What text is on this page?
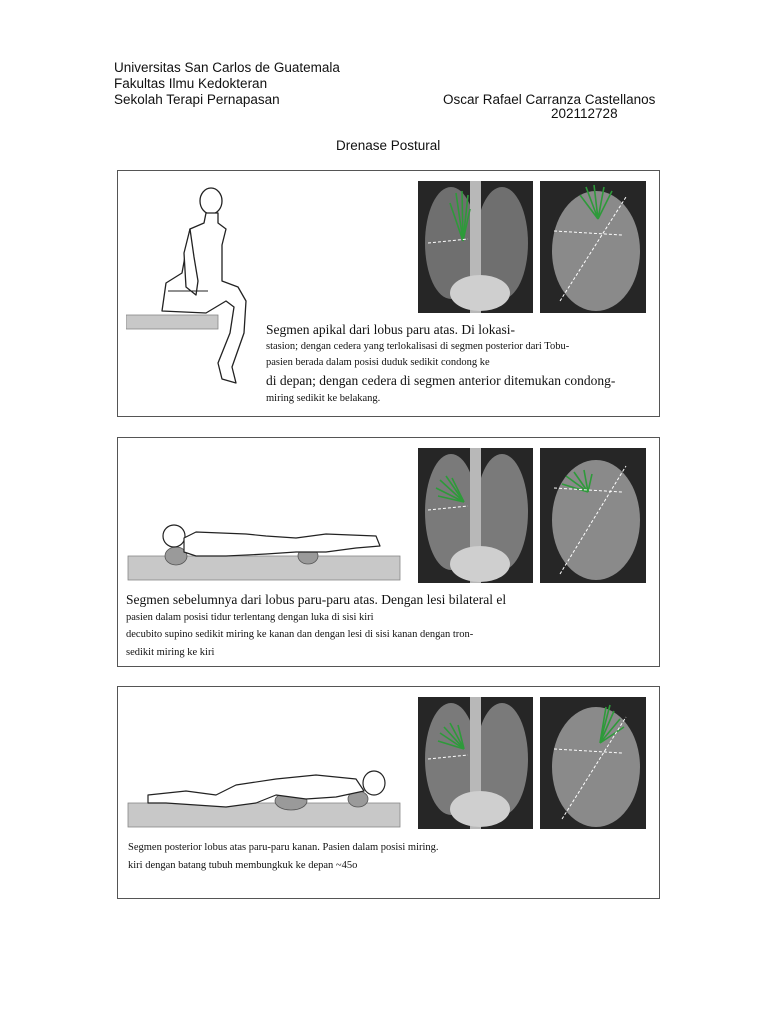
Universitas San Carlos de Guatemala
Fakultas Ilmu Kedokteran
Sekolah Terapi Pernapasan	Oscar Rafael Carranza Castellanos
202112728
Drenase Postural
Segmen apikal dari lobus paru atas. Di lokasi-
stasion; dengan cedera yang terlokalisasi di segmen posterior dari Tobu-
pasien berada dalam posisi duduk sedikit condong ke
di depan; dengan cedera di segmen anterior ditemukan condong-
miring sedikit ke belakang.
Segmen sebelumnya dari lobus paru-paru atas. Dengan lesi bilateral el
pasien dalam posisi tidur terlentang dengan luka di sisi kiri
decubito supino sedikit miring ke kanan dan dengan lesi di sisi kanan dengan tron-
sedikit miring ke kiri
Segmen posterior lobus atas paru-paru kanan. Pasien dalam posisi miring.
kiri dengan batang tubuh membungkuk ke depan ~45o
